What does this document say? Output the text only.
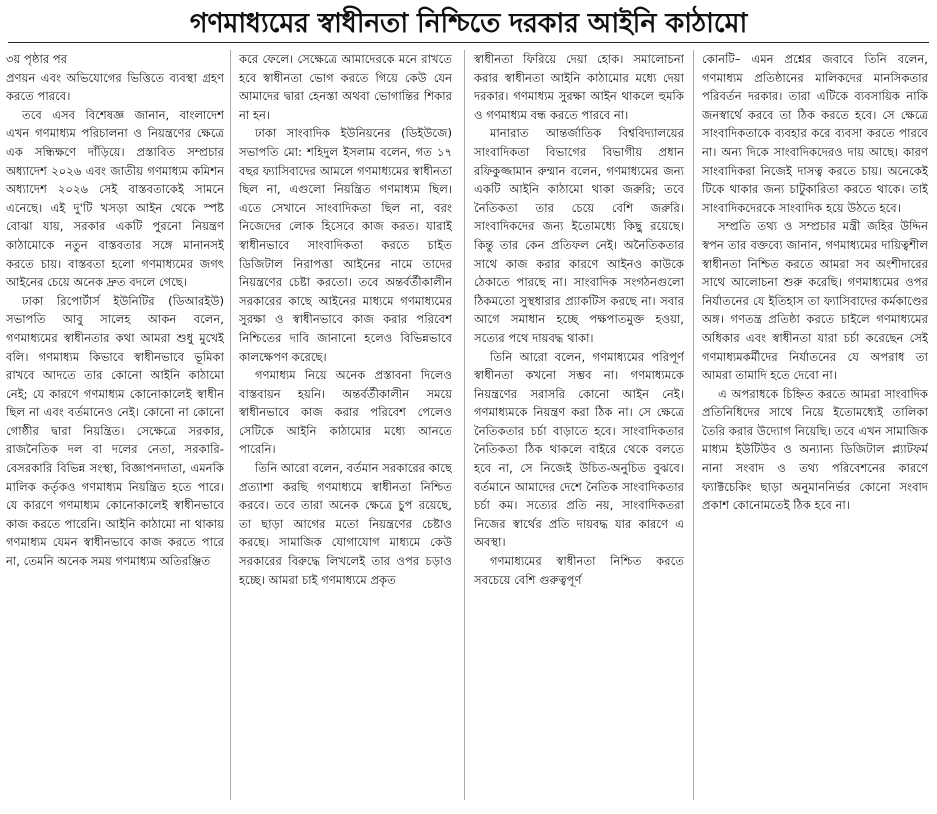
গণমাধ্যমের স্বাধীনতা নিশ্চিতে দরকার আইনি কাঠামো

৩য় পৃষ্ঠার পর

প্রণয়ন এবং অভিযোগের ভিত্তিতে ব্যবস্থা গ্রহণ করতে পারবে।

তবে এসব বিশেষজ্ঞ জানান, বাংলাদেশ এখন গণমাধ্যম পরিচালনা ও নিয়ন্ত্রণের ক্ষেত্রে এক সন্ধিক্ষণে দাঁড়িয়ে। প্রস্তাবিত সম্প্রচার অধ্যাদেশ ২০২৬ এবং জাতীয় গণমাধ্যম কমিশন অধ্যাদেশ ২০২৬ সেই বাস্তবতাকেই সামনে এনেছে। এই দু'টি খসড়া আইন থেকে স্পষ্ট বোঝা যায়, সরকার একটি পুরনো নিয়ন্ত্রণ কাঠামোকে নতুন বাস্তবতার সঙ্গে মানানসই করতে চায়। বাস্তবতা হলো গণমাধ্যমের জগৎ আইনের চেয়ে অনেক দ্রুত বদলে গেছে।

ঢাকা রিপোর্টার্স ইউনিটির (ডিআরইউ) সভাপতি আবু সালেহ আকন বলেন, গণমাধ্যমের স্বাধীনতার কথা আমরা শুধু মুখেই বলি। গণমাধ্যম কিভাবে স্বাধীনভাবে ভূমিকা রাখবে আদতে তার কোনো আইনি কাঠামো নেই; যে কারণে গণমাধ্যম কোনোকালেই স্বাধীন ছিল না এবং বর্তমানেও নেই। কোনো না কোনো গোষ্ঠীর দ্বারা নিয়ন্ত্রিত। সেক্ষেত্রে সরকার, রাজনৈতিক দল বা দলের নেতা, সরকারি-বেসরকারি বিভিন্ন সংস্থা, বিজ্ঞাপনদাতা, এমনকি মালিক কর্তৃকও গণমাধ্যম নিয়ন্ত্রিত হতে পারে। যে কারণে গণমাধ্যম কোনোকালেই স্বাধীনভাবে কাজ করতে পারেনি। আইনি কাঠামো না থাকায় গণমাধ্যম যেমন স্বাধীনভাবে কাজ করতে পারে না, তেমনি অনেক সময় গণমাধ্যম অতিরঞ্জিত

করে ফেলে। সেক্ষেত্রে আমাদেরকে মনে রাখতে হবে স্বাধীনতা ভোগ করতে গিয়ে কেউ যেন আমাদের দ্বারা হেনস্তা অথবা ভোগান্তির শিকার না হন।

ঢাকা সাংবাদিক ইউনিয়নের (ডিইউজে) সভাপতি মো: শহিদুল ইসলাম বলেন, গত ১৭ বছর ফ্যাসিবাদের আমলে গণমাধ্যমের স্বাধীনতা ছিল না, এগুলো নিয়ন্ত্রিত গণমাধ্যম ছিল। এতে সেখানে সাংবাদিকতা ছিল না, বরং নিজেদের লোক হিসেবে কাজ করত। যারাই স্বাধীনভাবে সাংবাদিকতা করতে চাইত ডিজিটাল নিরাপত্তা আইনের নামে তাদের নিয়ন্ত্রণের চেষ্টা করতো। তবে অন্তর্বর্তীকালীন সরকারের কাছে আইনের মাধ্যমে গণমাধ্যমের সুরক্ষা ও স্বাধীনভাবে কাজ করার পরিবেশ নিশ্চিতের দাবি জানানো হলেও বিভিন্নভাবে কালক্ষেপণ করেছে।

গণমাধ্যম নিয়ে অনেক প্রস্তাবনা দিলেও বাস্তবায়ন হয়নি। অন্তর্বর্তীকালীন সময়ে স্বাধীনভাবে কাজ করার পরিবেশ পেলেও সেটিকে আইনি কাঠামোর মধ্যে আনতে পারেনি।

তিনি আরো বলেন, বর্তমান সরকারের কাছে প্রত্যাশা করছি গণমাধ্যমে স্বাধীনতা নিশ্চিত করবে। তবে তারা অনেক ক্ষেত্রে চুপ রয়েছে, তা ছাড়া আগের মতো নিয়ন্ত্রণের চেষ্টাও করছে। সামাজিক যোগাযোগ মাধ্যমে কেউ সরকারের বিরুদ্ধে লিখলেই তার ওপর চড়াও হচ্ছে। আমরা চাই গণমাধ্যমে প্রকৃত

স্বাধীনতা ফিরিয়ে দেয়া হোক। সমালোচনা করার স্বাধীনতা আইনি কাঠামোর মধ্যে দেয়া দরকার। গণমাধ্যম সুরক্ষা আইন থাকলে হুমকি ও গণমাধ্যম বন্ধ করতে পারবে না।

মানারাত আন্তর্জাতিক বিশ্ববিদ্যালয়ের সাংবাদিকতা বিভাগের বিভাগীয় প্রধান রফিকুজ্জামান রুম্মান বলেন, গণমাধ্যমের জন্য একটি আইনি কাঠামো থাকা জরুরি; তবে নৈতিকতা তার চেয়ে বেশি জরুরি। সাংবাদিকদের জন্য ইতোমধ্যে কিছু রয়েছে। কিন্তু তার কেন প্রতিফল নেই। অনৈতিকতার সাথে কাজ করার কারণে আইনও কাউকে ঠেকাতে পারছে না। সাংবাদিক সংগঠনগুলো ঠিকমতো সুস্থধারার প্র্যাকটিস করছে না। সবার আগে সমাধান হচ্ছে পক্ষপাতমুক্ত হওয়া, সত্যের পথে দায়বদ্ধ থাকা।

তিনি আরো বলেন, গণমাধ্যমের পরিপূর্ণ স্বাধীনতা কখনো সম্ভব না। গণমাধ্যমকে নিয়ন্ত্রণের সরাসরি কোনো আইন নেই। গণমাধ্যমকে নিয়ন্ত্রণ করা ঠিক না। সে ক্ষেত্রে নৈতিকতার চর্চা বাড়াতে হবে। সাংবাদিকতার নৈতিকতা ঠিক থাকলে বাইরে থেকে বলতে হবে না, সে নিজেই উচিত-অনুচিত বুঝবে। বর্তমানে আমাদের দেশে নৈতিক সাংবাদিকতার চর্চা কম। সত্যের প্রতি নয়, সাংবাদিকতরা নিজের স্বার্থের প্রতি দায়বদ্ধ যার কারণে এ অবস্থা।

গণমাধ্যমের স্বাধীনতা নিশ্চিত করতে সবচেয়ে বেশি গুরুত্বপূর্ণ

কোনটি– এমন প্রশ্নের জবাবে তিনি বলেন, গণমাধ্যম প্রতিষ্ঠানের মালিকদের মানসিকতার পরিবর্তন দরকার। তারা এটিকে ব্যবসায়িক নাকি জনস্বার্থে করবে তা ঠিক করতে হবে। সে ক্ষেত্রে সাংবাদিকতাকে ব্যবহার করে ব্যবসা করতে পারবে না। অন্য দিকে সাংবাদিকদেরও দায় আছে। কারণ সাংবাদিকরা নিজেই দাসত্ব করতে চায়। অনেকেই টিকে থাকার জন্য চাটুকারিতা করতে থাকে। তাই সাংবাদিকদেরকে সাংবাদিক হয়ে উঠতে হবে।

সম্প্রতি তথ্য ও সম্প্রচার মন্ত্রী জহির উদ্দিন স্বপন তার বক্তব্যে জানান, গণমাধ্যমের দায়িত্বশীল স্বাধীনতা নিশ্চিত করতে আমরা সব অংশীদারের সাথে আলোচনা শুরু করেছি। গণমাধ্যমের ওপর নির্যাতনের যে ইতিহাস তা ফ্যাসিবাদের কর্মকাণ্ডের অঙ্গ। গণতন্ত্র প্রতিষ্ঠা করতে চাইলে গণমাধ্যমের অধিকার এবং স্বাধীনতা যারা চর্চা করেছেন সেই গণমাধ্যমকর্মীদের নির্যাতনের যে অপরাধ তা আমরা তামাদি হতে দেবো না।

এ অপরাধকে চিহ্নিত করতে আমরা সাংবাদিক প্রতিনিধিদের সাথে নিয়ে ইতোমধ্যেই তালিকা তৈরি করার উদ্যোগ নিয়েছি। তবে এখন সামাজিক মাধ্যম ইউটিউব ও অন্যান্য ডিজিটাল প্ল্যাটফর্ম নানা সংবাদ ও তথ্য পরিবেশনের কারণে ফ্যাক্টচেকিং ছাড়া অনুমাননির্ভর কোনো সংবাদ প্রকাশ কোনোমতেই ঠিক হবে না।
